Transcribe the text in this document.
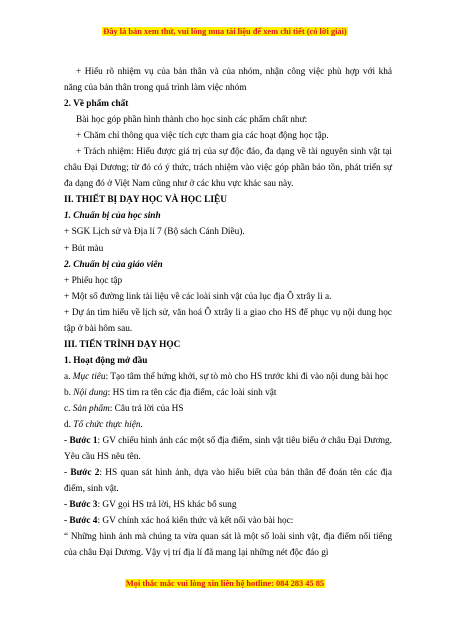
Đây là bản xem thử, vui lòng mua tài liệu để xem chi tiết (có lời giải)

+ Hiểu rõ nhiệm vụ của bản thân và của nhóm, nhận công việc phù hợp với khả năng của bản thân trong quá trình làm việc nhóm

2. Về phẩm chất

Bài học góp phần hình thành cho học sinh các phẩm chất như:

+ Chăm chỉ thông qua việc tích cực tham gia các hoạt động học tập.

+ Trách nhiệm: Hiểu được giá trị của sự độc đáo, đa dạng về tài nguyên sinh vật tại châu Đại Dương; từ đó có ý thức, trách nhiệm vào việc góp phần bảo tồn, phát triển sự đa dạng đó ở Việt Nam cũng như ở các khu vực khác sau này.

II. THIẾT BỊ DẠY HỌC VÀ HỌC LIỆU

1. Chuẩn bị của học sinh

+ SGK Lịch sử và Địa lí 7 (Bộ sách Cánh Diều).

+ Bút màu

2. Chuẩn bị của giáo viên

+ Phiếu học tập

+ Một số đường link tài liệu về các loài sinh vật của lục địa Ô xtrây li a.

+ Dự án tìm hiểu về lịch sử, văn hoá Ô xtrây li a giao cho HS để phục vụ nội dung học tập ở bài hôm sau.

III. TIẾN TRÌNH DẠY HỌC

1. Hoạt động mở đầu

a. Mục tiêu: Tạo tâm thế hứng khởi, sự tò mò cho HS trước khi đi vào nội dung bài học

b. Nội dung: HS tìm ra tên các địa điểm, các loài sinh vật

c. Sản phẩm: Câu trả lời của HS

d. Tổ chức thực hiện.

- Bước 1: GV chiếu hình ảnh các một số địa điểm, sinh vật tiêu biểu ở châu Đại Dương. Yêu cầu HS nêu tên.

- Bước 2: HS quan sát hình ảnh, dựa vào hiểu biết của bản thân để đoán tên các địa điểm, sinh vật.

- Bước 3: GV gọi HS trả lời, HS khác bổ sung

- Bước 4: GV chính xác hoá kiến thức và kết nối vào bài học:

“ Những hình ảnh mà chúng ta vừa quan sát là một số loài sinh vật, địa điểm nổi tiếng của châu Đại Dương. Vậy vị trí địa lí đã mang lại những nét độc đáo gì

Mọi thắc mắc vui lòng xin liên hệ hotline: 084 283 45 85
